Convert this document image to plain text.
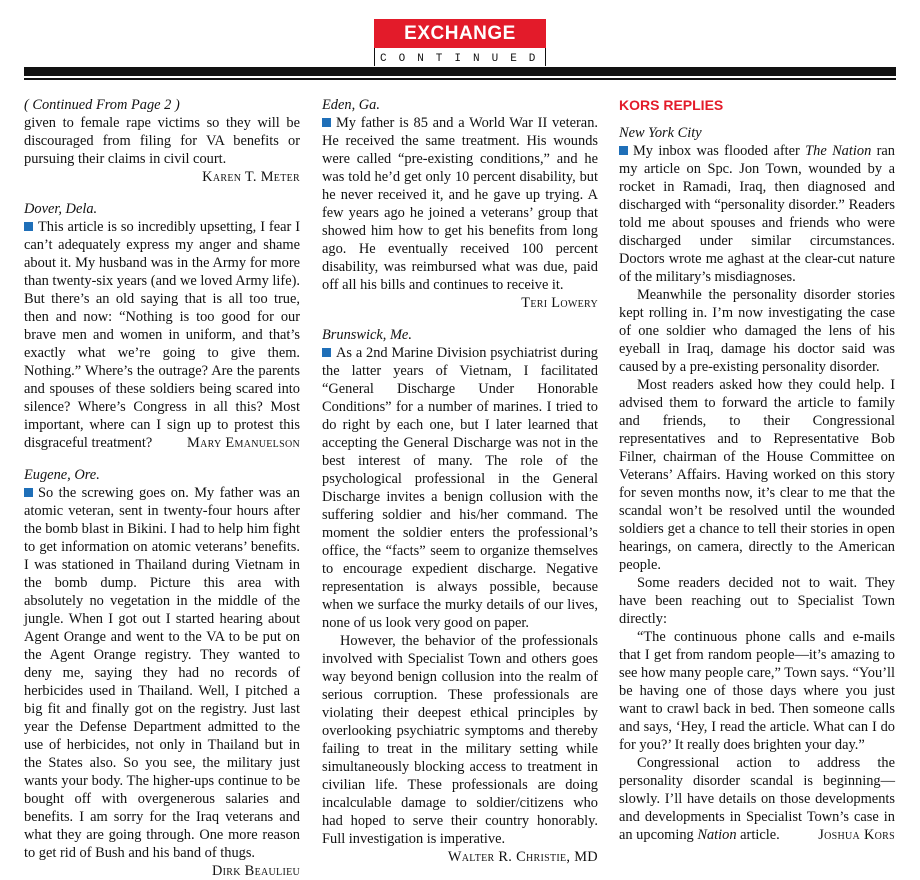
EXCHANGE
CONTINUED

( Continued From Page 2 )

given to female rape victims so they will be discouraged from filing for VA benefits or pursuing their claims in civil court.
Karen T. Meter

Dover, Dela.

This article is so incredibly upsetting, I fear I can’t adequately express my anger and shame about it. My husband was in the Army for more than twenty-six years (and we loved Army life). But there’s an old saying that is all too true, then and now: “Nothing is too good for our brave men and women in uniform, and that’s exactly what we’re going to give them. Nothing.” Where’s the outrage? Are the parents and spouses of these soldiers being scared into silence? Where’s Congress in all this? Most important, where can I sign up to protest this disgraceful treatment? Mary Emanuelson

Eugene, Ore.

So the screwing goes on. My father was an atomic veteran, sent in twenty-four hours after the bomb blast in Bikini. I had to help him fight to get information on atomic veterans’ benefits. I was stationed in Thailand during Vietnam in the bomb dump. Picture this area with absolutely no vegetation in the middle of the jungle. When I got out I started hearing about Agent Orange and went to the VA to be put on the Agent Orange registry. They wanted to deny me, saying they had no records of herbicides used in Thailand. Well, I pitched a big fit and finally got on the registry. Just last year the Defense Department admitted to the use of herbicides, not only in Thailand but in the States also. So you see, the military just wants your body. The higher-ups continue to be bought off with overgenerous salaries and benefits. I am sorry for the Iraq veterans and what they are going through. One more reason to get rid of Bush and his band of thugs.
Dirk Beaulieu

Eden, Ga.

My father is 85 and a World War II veteran. He received the same treatment. His wounds were called “pre-existing conditions,” and he was told he’d get only 10 percent disability, but he never received it, and he gave up trying. A few years ago he joined a veterans’ group that showed him how to get his benefits from long ago. He eventually received 100 percent disability, was reimbursed what was due, paid off all his bills and continues to receive it.
Teri Lowery

Brunswick, Me.

As a 2nd Marine Division psychiatrist during the latter years of Vietnam, I facilitated “General Discharge Under Honorable Conditions” for a number of marines. I tried to do right by each one, but I later learned that accepting the General Discharge was not in the best interest of many. The role of the psychological professional in the General Discharge invites a benign collusion with the suffering soldier and his/her command. The moment the soldier enters the professional’s office, the “facts” seem to organize themselves to encourage expedient discharge. Negative representation is always possible, because when we surface the murky details of our lives, none of us look very good on paper.

However, the behavior of the professionals involved with Specialist Town and others goes way beyond benign collusion into the realm of serious corruption. These professionals are violating their deepest ethical principles by overlooking psychiatric symptoms and thereby failing to treat in the military setting while simultaneously blocking access to treatment in civilian life. These professionals are doing incalculable damage to soldier/citizens who had hoped to serve their country honorably. Full investigation is imperative.
Walter R. Christie, MD

KORS REPLIES

New York City

My inbox was flooded after The Nation ran my article on Spc. Jon Town, wounded by a rocket in Ramadi, Iraq, then diagnosed and discharged with “personality disorder.” Readers told me about spouses and friends who were discharged under similar circumstances. Doctors wrote me aghast at the clear-cut nature of the military’s misdiagnoses.

Meanwhile the personality disorder stories kept rolling in. I’m now investigating the case of one soldier who damaged the lens of his eyeball in Iraq, damage his doctor said was caused by a pre-existing personality disorder.

Most readers asked how they could help. I advised them to forward the article to family and friends, to their Congressional representatives and to Representative Bob Filner, chairman of the House Committee on Veterans’ Affairs. Having worked on this story for seven months now, it’s clear to me that the scandal won’t be resolved until the wounded soldiers get a chance to tell their stories in open hearings, on camera, directly to the American people.

Some readers decided not to wait. They have been reaching out to Specialist Town directly:

“The continuous phone calls and e-mails that I get from random people—it’s amazing to see how many people care,” Town says. “You’ll be having one of those days where you just want to crawl back in bed. Then someone calls and says, ‘Hey, I read the article. What can I do for you?’ It really does brighten your day.”

Congressional action to address the personality disorder scandal is beginning—slowly. I’ll have details on those developments and developments in Specialist Town’s case in an upcoming Nation article.	Joshua Kors
